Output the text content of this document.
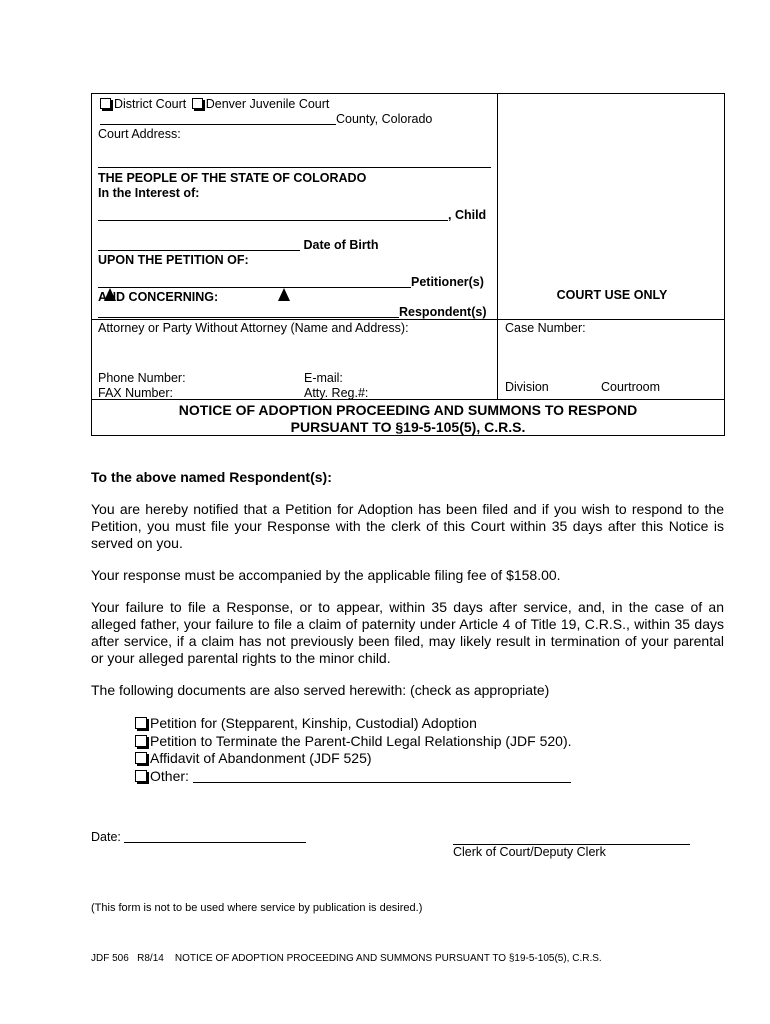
District Court Denver Juvenile Court
County, Colorado
Court Address:
THE PEOPLE OF THE STATE OF COLORADO
In the Interest of:
, Child
Date of Birth
UPON THE PETITION OF:
Petitioner(s)
AND CONCERNING:
Respondent(s)
COURT USE ONLY
Attorney or Party Without Attorney (Name and Address):
Phone Number:	E-mail:
FAX Number:	Atty. Reg.#:
Case Number:
Division	Courtroom
NOTICE OF ADOPTION PROCEEDING AND SUMMONS TO RESPOND
PURSUANT TO §19-5-105(5), C.R.S.
To the above named Respondent(s):
You are hereby notified that a Petition for Adoption has been filed and if you wish to respond to the Petition, you must file your Response with the clerk of this Court within 35 days after this Notice is served on you.
Your response must be accompanied by the applicable filing fee of $158.00.
Your failure to file a Response, or to appear, within 35 days after service, and, in the case of an alleged father, your failure to file a claim of paternity under Article 4 of Title 19, C.R.S., within 35 days after service, if a claim has not previously been filed, may likely result in termination of your parental or your alleged parental rights to the minor child.
The following documents are also served herewith: (check as appropriate)
Petition for (Stepparent, Kinship, Custodial) Adoption
Petition to Terminate the Parent-Child Legal Relationship (JDF 520).
Affidavit of Abandonment (JDF 525)
Other:
Date:
Clerk of Court/Deputy Clerk
(This form is not to be used where service by publication is desired.)
JDF 506   R8/14    NOTICE OF ADOPTION PROCEEDING AND SUMMONS PURSUANT TO §19-5-105(5), C.R.S.
